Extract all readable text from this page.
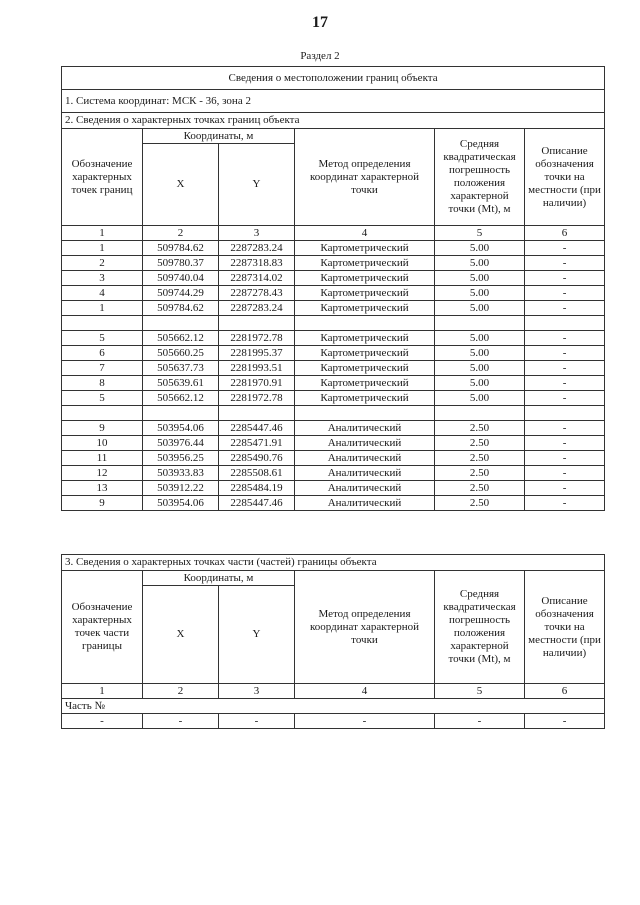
17
Раздел 2
Сведения о местоположении границ объекта					
1. Система координат: МСК - 36, зона 2					
2. Сведения о характерных точках границ объекта					
Обозначение характерных точек границ	Координаты, м		Метод определения координат характерной точки	Средняя квадратическая погрешность положения характерной точки (Mt), м	Описание обозначения точки на местности (при наличии)
	X	Y			
1	2	3	4	5	6
1	509784.62	2287283.24	Картометрический	5.00	-
2	509780.37	2287318.83	Картометрический	5.00	-
3	509740.04	2287314.02	Картометрический	5.00	-
4	509744.29	2287278.43	Картометрический	5.00	-
1	509784.62	2287283.24	Картометрический	5.00	-

5	505662.12	2281972.78	Картометрический	5.00	-
6	505660.25	2281995.37	Картометрический	5.00	-
7	505637.73	2281993.51	Картометрический	5.00	-
8	505639.61	2281970.91	Картометрический	5.00	-
5	505662.12	2281972.78	Картометрический	5.00	-

9	503954.06	2285447.46	Аналитический	2.50	-
10	503976.44	2285471.91	Аналитический	2.50	-
11	503956.25	2285490.76	Аналитический	2.50	-
12	503933.83	2285508.61	Аналитический	2.50	-
13	503912.22	2285484.19	Аналитический	2.50	-
9	503954.06	2285447.46	Аналитический	2.50	-
3. Сведения о характерных точках части (частей) границы объекта					
Обозначение характерных точек части границы	Координаты, м		Метод определения координат характерной точки	Средняя квадратическая погрешность положения характерной точки (Mt), м	Описание обозначения точки на местности (при наличии)
	X	Y			
1	2	3	4	5	6
Часть №					
-	-	-	-	-	-
